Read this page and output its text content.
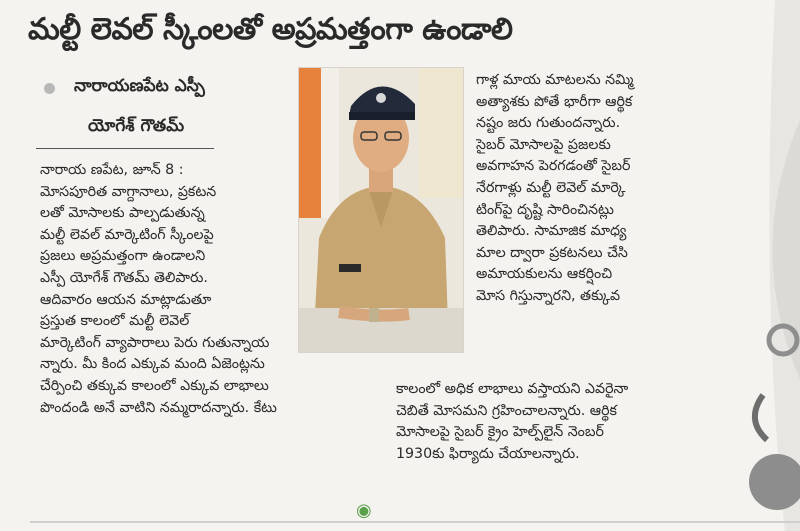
మల్టీ లెవల్ స్కీంలతో అప్రమత్తంగా ఉండాలి
నారాయణపేట ఎస్పీ
యోగేశ్ గౌతమ్
నారాయ ణపేట, జూన్ 8 :
మోసపూరిత వాగ్దానాలు, ప్రకటన
లతో మోసాలకు పాల్పడుతున్న
మల్టీ లెవల్ మార్కెటింగ్ స్కీంలపై
ప్రజలు అప్రమత్తంగా ఉండాలని
ఎస్పీ యోగేశ్ గౌతమ్ తెలిపారు.
ఆదివారం ఆయన మాట్లాడుతూ
ప్రస్తుత కాలంలో మల్టీ లెవెల్
మార్కెటింగ్ వ్యాపారాలు పెరు గుతున్నాయ
న్నారు. మీ కింద ఎక్కువ మంది ఏజెంట్లను
చేర్పించి తక్కువ కాలంలో ఎక్కువ లాభాలు
పొందండి అనే వాటిని నమ్మరాదన్నారు. కేటు
గాళ్ల మాయ మాటలను నమ్మి
అత్యాశకు పోతే భారీగా ఆర్థిక
నష్టం జరు గుతుందన్నారు.
సైబర్ మోసాలపై ప్రజలకు
అవగాహన పెరగడంతో సైబర్
నేరగాళ్లు మల్టీ లెవెల్ మార్కె
టింగ్‌పై దృష్టి సారించినట్లు
తెలిపారు. సామాజిక మాధ్య
మాల ద్వారా ప్రకటనలు చేసి
అమాయకులను ఆకర్షించి
మోస గిస్తున్నారని, తక్కువ
కాలంలో అధిక లాభాలు వస్తాయని ఎవరైనా
చెబితే మోసమని గ్రహించాలన్నారు. ఆర్థిక
మోసాలపై సైబర్ క్రైం హెల్ప్‌లైన్ నెంబర్
1930కు ఫిర్యాదు చేయాలన్నారు.
◉
